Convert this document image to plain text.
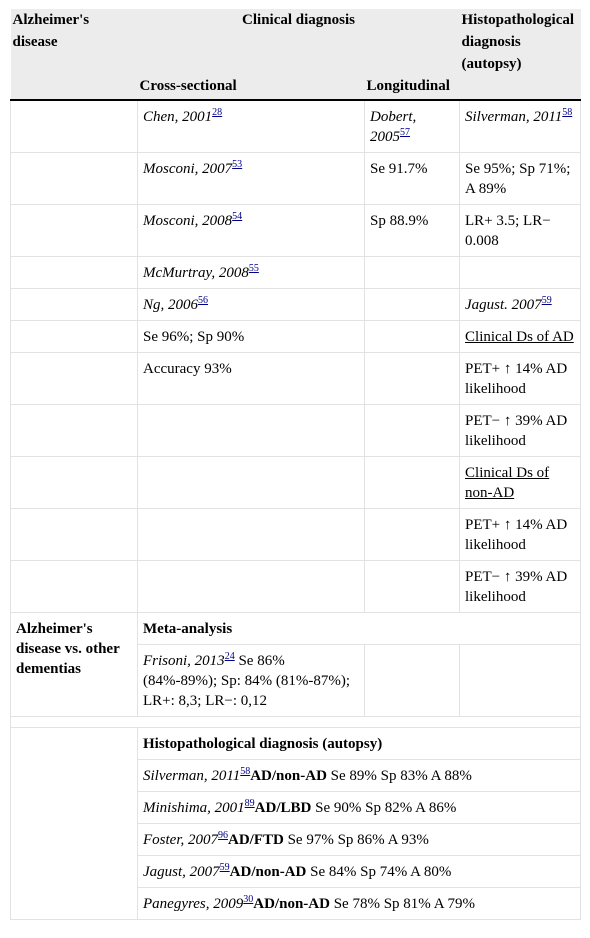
Alzheimer's disease	Clinical diagnosis		Histopathological diagnosis (autopsy)
	Cross-sectional	Longitudinal	
	Chen, 2001$^{28}$	Dobert, 2005$^{57}$	Silverman, 2011$^{58}$
	Mosconi, 2007$^{53}$	Se 91.7%	Se 95%; Sp 71%; A 89%
	Mosconi, 2008$^{54}$	Sp 88.9%	LR+ 3.5; LR− 0.008
	McMurtray, 2008$^{55}$		
	Ng, 2006$^{56}$		Jagust. 2007$^{59}$
	Se 96%; Sp 90%		Clinical Ds of AD
	Accuracy 93%		PET+ ↑ 14% AD likelihood
			PET− ↑ 39% AD likelihood
			Clinical Ds of non-AD
			PET+ ↑ 14% AD likelihood
			PET− ↑ 39% AD likelihood
Alzheimer's disease vs. other dementias	Meta-analysis		
	Frisoni, 2013$^{24}$ Se 86% (84%-89%); Sp: 84% (81%-87%); LR+: 8,3; LR−: 0,12		

	Histopathological diagnosis (autopsy)		
	Silverman, 2011$^{58}$AD/non-AD Se 89% Sp 83% A 88%		
	Minishima, 2001$^{89}$AD/LBD Se 90% Sp 82% A 86%		
	Foster, 2007$^{96}$AD/FTD Se 97% Sp 86% A 93%		
	Jagust, 2007$^{59}$AD/non-AD Se 84% Sp 74% A 80%		
	Panegyres, 2009$^{30}$AD/non-AD Se 78% Sp 81% A 79%		
